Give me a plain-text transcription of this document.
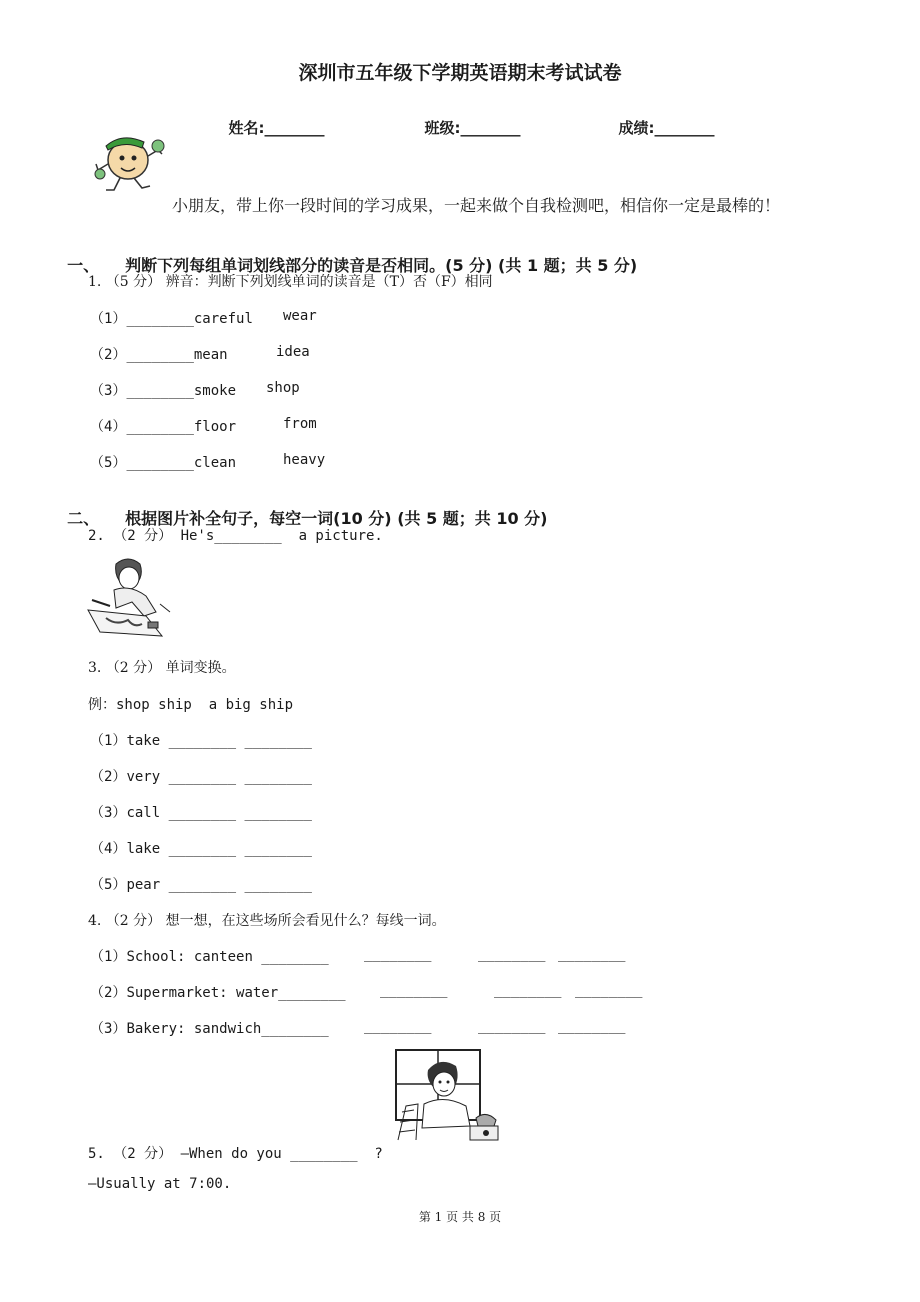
深圳市五年级下学期英语期末考试试卷

姓名:________	班级:________	成绩:________

小朋友，带上你一段时间的学习成果，一起来做个自我检测吧，相信你一定是最棒的！

一、 判断下列每组单词划线部分的读音是否相同。(5 分) (共 1 题；共 5 分)

1. （5 分） 辨音：判断下列划线单词的读音是（T）否（F）相同
（1）________careful wear
（2）________mean	idea
（3）________smoke shop
（4）________floor	from
（5）________clean	heavy

二、 根据图片补全句子，每空一词(10 分) (共 5 题；共 10 分)

2. （2 分） He's________  a picture.
3. （2 分） 单词变换。
例：shop ship  a big ship
（1）take ________ ________
（2）very ________ ________
（3）call ________ ________
（4）lake ________ ________
（5）pear ________ ________
4. （2 分） 想一想，在这些场所会看见什么？每线一词。
（1）School: canteen ________	________	________ ________
（2）Supermarket: water________ ________	________ ________
（3）Bakery: sandwich________	________	________ ________
5. （2 分） —When do you ________  ?
—Usually at 7:00.
第 1 页 共 8 页
